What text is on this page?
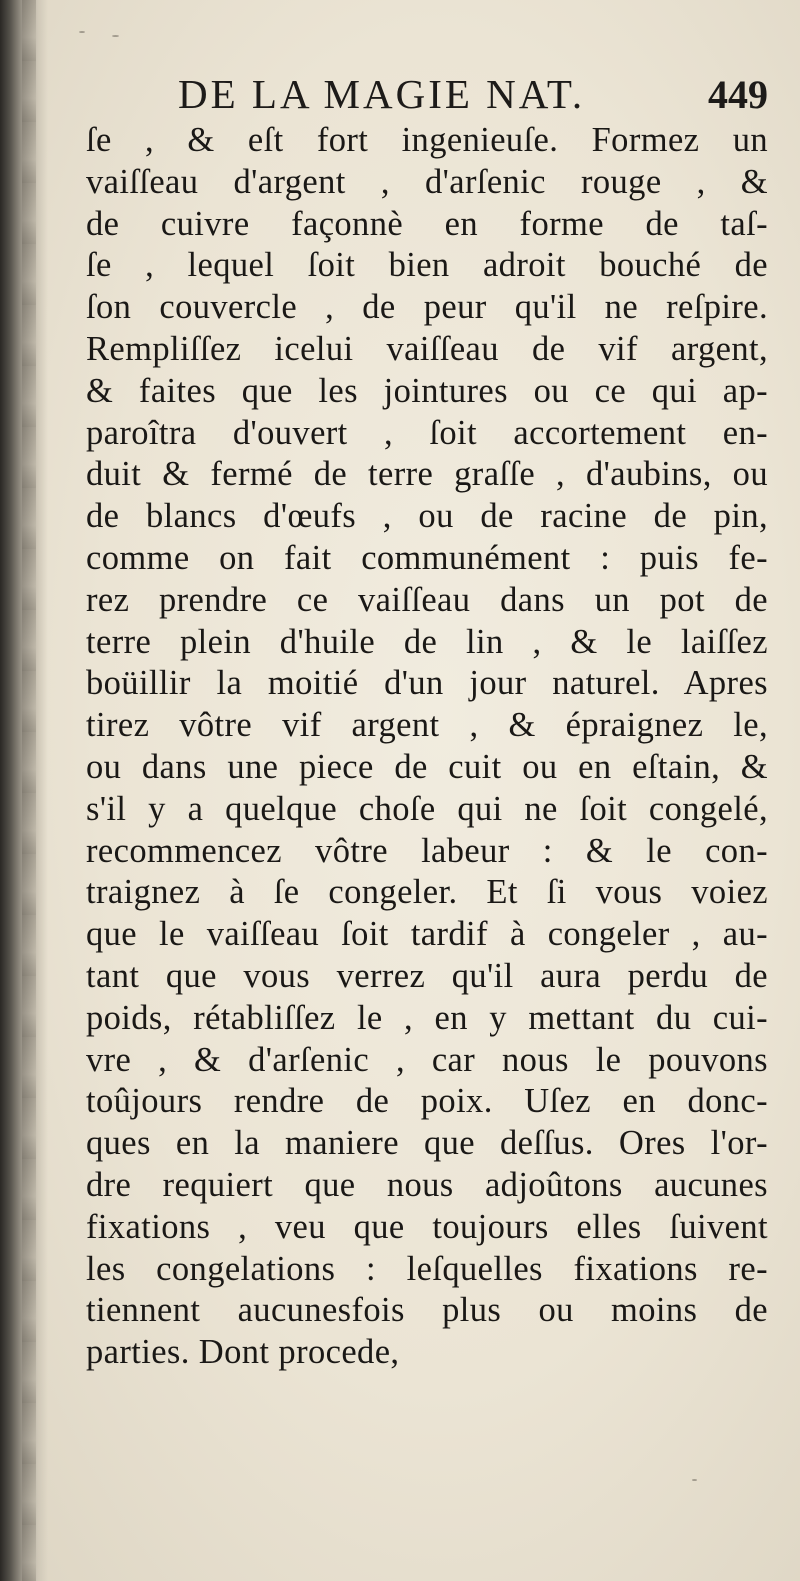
DE LA MAGIE NAT.	449
ſe , & eſt fort ingenieuſe. Formez un
vaiſſeau d'argent , d'arſenic rouge , &
de cuivre façonnè en forme de taſ-
ſe , lequel ſoit bien adroit bouché de
ſon couvercle , de peur qu'il ne reſpire.
Rempliſſez icelui vaiſſeau de vif argent,
& faites que les jointures ou ce qui ap-
paroîtra d'ouvert , ſoit accortement en-
duit & fermé de terre graſſe , d'aubins, ou
de blancs d'œufs , ou de racine de pin,
comme on fait communément : puis fe-
rez prendre ce vaiſſeau dans un pot de
terre plein d'huile de lin , & le laiſſez
boüillir la moitié d'un jour naturel. Apres
tirez vôtre vif argent , & épraignez le,
ou dans une piece de cuit ou en eſtain, &
s'il y a quelque choſe qui ne ſoit congelé,
recommencez vôtre labeur : & le con-
traignez à ſe congeler. Et ſi vous voiez
que le vaiſſeau ſoit tardif à congeler , au-
tant que vous verrez qu'il aura perdu de
poids, rétabliſſez le , en y mettant du cui-
vre , & d'arſenic , car nous le pouvons
toûjours rendre de poix. Uſez en donc-
ques en la maniere que deſſus. Ores l'or-
dre requiert que nous adjoûtons aucunes
fixations , veu que toujours elles ſuivent
les congelations : leſquelles fixations re-
tiennent aucunesfois plus ou moins de
parties. Dont procede,
